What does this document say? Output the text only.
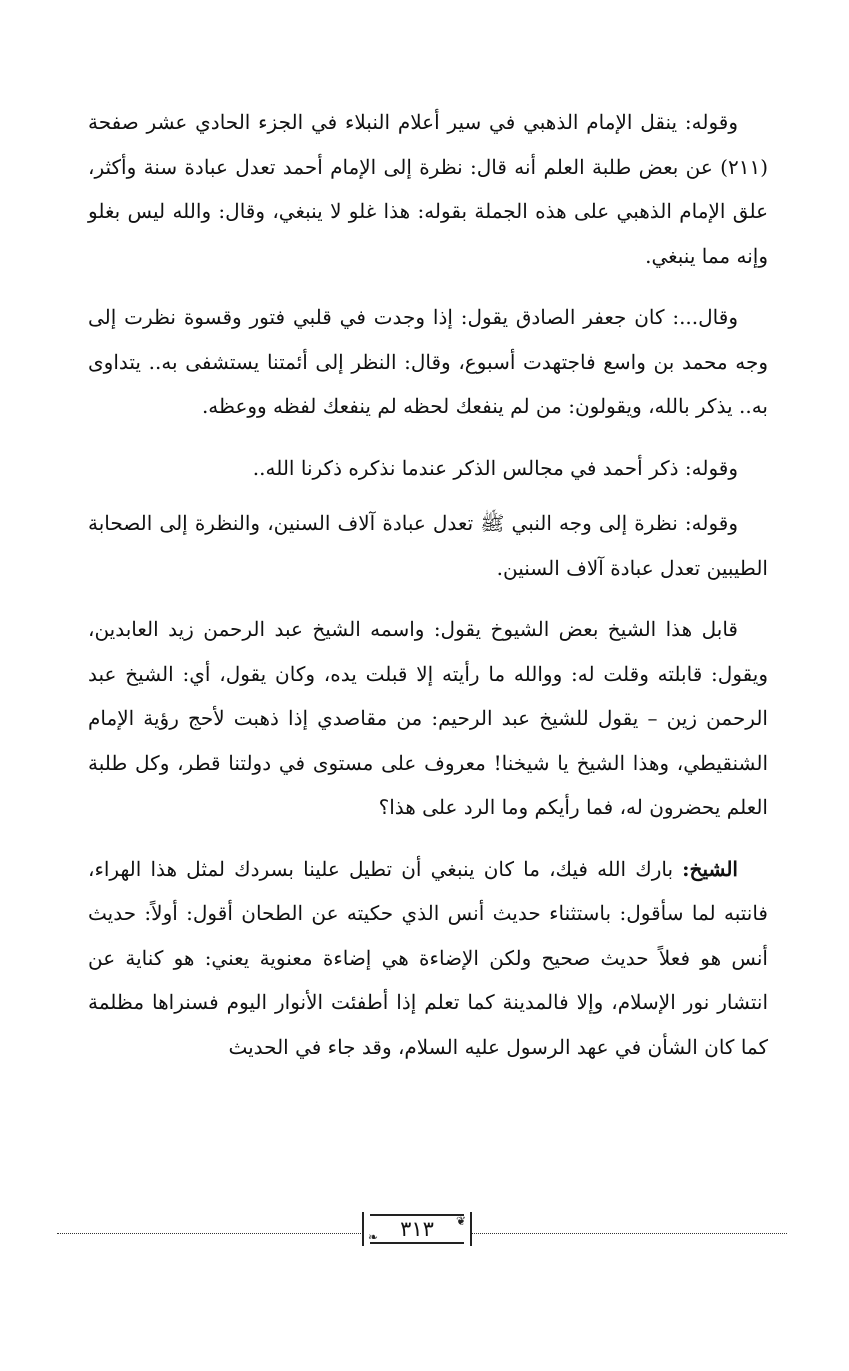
وقوله: ينقل الإمام الذهبي في سير أعلام النبلاء في الجزء الحادي عشر صفحة (٢١١) عن بعض طلبة العلم أنه قال: نظرة إلى الإمام أحمد تعدل عبادة سنة وأكثر، علق الإمام الذهبي على هذه الجملة بقوله: هذا غلو لا ينبغي، وقال: والله ليس بغلو وإنه مما ينبغي.

وقال...: كان جعفر الصادق يقول: إذا وجدت في قلبي فتور وقسوة نظرت إلى وجه محمد بن واسع فاجتهدت أسبوع، وقال: النظر إلى أئمتنا يستشفى به.. يتداوى به.. يذكر بالله، ويقولون: من لم ينفعك لحظه لم ينفعك لفظه ووعظه.

وقوله: ذكر أحمد في مجالس الذكر عندما نذكره ذكرنا الله..

وقوله: نظرة إلى وجه النبي ﷺ تعدل عبادة آلاف السنين، والنظرة إلى الصحابة الطيبين تعدل عبادة آلاف السنين.

قابل هذا الشيخ بعض الشيوخ يقول: واسمه الشيخ عبد الرحمن زيد العابدين، ويقول: قابلته وقلت له: ووالله ما رأيته إلا قبلت يده، وكان يقول، أي: الشيخ عبد الرحمن زين – يقول للشيخ عبد الرحيم: من مقاصدي إذا ذهبت لأحج رؤية الإمام الشنقيطي، وهذا الشيخ يا شيخنا! معروف على مستوى في دولتنا قطر، وكل طلبة العلم يحضرون له، فما رأيكم وما الرد على هذا؟

الشيخ: بارك الله فيك، ما كان ينبغي أن تطيل علينا بسردك لمثل هذا الهراء، فانتبه لما سأقول: باستثناء حديث أنس الذي حكيته عن الطحان أقول: أولاً: حديث أنس هو فعلاً حديث صحيح ولكن الإضاءة هي إضاءة معنوية يعني: هو كناية عن انتشار نور الإسلام، وإلا فالمدينة كما تعلم إذا أطفئت الأنوار اليوم فسنراها مظلمة كما كان الشأن في عهد الرسول عليه السلام، وقد جاء في الحديث

❦
٣١٣
❧
